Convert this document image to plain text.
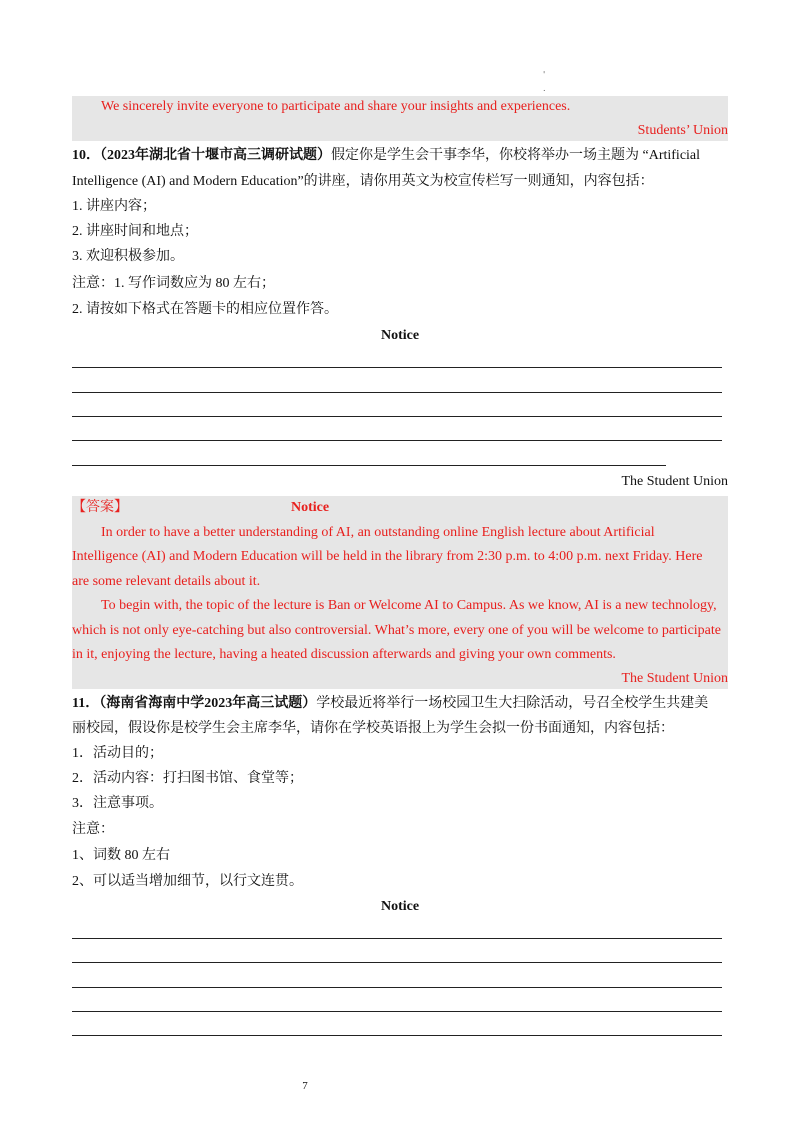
'
.
We sincerely invite everyone to participate and share your insights and experiences.
Students’ Union
10．（2023年湖北省十堰市高三调研试题）假定你是学生会干事李华，你校将举办一场主题为 “Artificial
Intelligence (AI) and Modern Education”的讲座，请你用英文为校宣传栏写一则通知，内容包括：
1. 讲座内容；
2. 讲座时间和地点；
3. 欢迎积极参加。
注意：1. 写作词数应为 80 左右；
2. 请按如下格式在答题卡的相应位置作答。
Notice
The Student Union
【答案】	Notice
In order to have a better understanding of AI, an outstanding online English lecture about Artificial
Intelligence (AI) and Modern Education will be held in the library from 2:30 p.m. to 4:00 p.m. next Friday. Here
are some relevant details about it.
To begin with, the topic of the lecture is Ban or Welcome AI to Campus. As we know, AI is a new technology,
which is not only eye-catching but also controversial. What’s more, every one of you will be welcome to participate
in it, enjoying the lecture, having a heated discussion afterwards and giving your own comments.
The Student Union
11．（海南省海南中学2023年高三试题）学校最近将举行一场校园卫生大扫除活动，号召全校学生共建美
丽校园，假设你是校学生会主席李华，请你在学校英语报上为学生会拟一份书面通知，内容包括：
1．活动目的；
2．活动内容：打扫图书馆、食堂等；
3．注意事项。
注意：
1、词数 80 左右
2、可以适当增加细节，以行文连贯。
Notice
7
